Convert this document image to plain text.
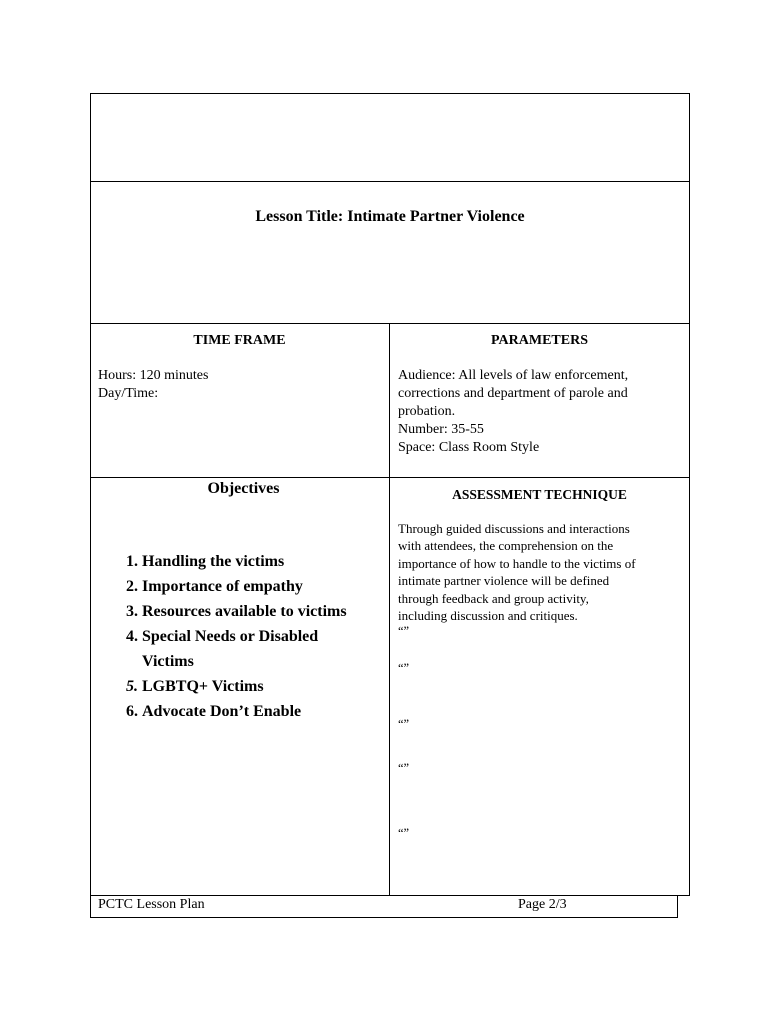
Lesson Title: Intimate Partner Violence
TIME FRAME
Hours: 120 minutes
Day/Time:
PARAMETERS
Audience: All levels of law enforcement,
corrections and department of parole and
probation.
Number: 35-55
Space: Class Room Style
Objectives
1. Handling the victims
2. Importance of empathy
3. Resources available to victims
4. Special Needs or Disabled
Victims
5. LGBTQ+ Victims
6. Advocate Don’t Enable
ASSESSMENT TECHNIQUE
Through guided discussions and interactions
with attendees, the comprehension on the
importance of how to handle to the victims of
intimate partner violence will be defined
through feedback and group activity,
including discussion and critiques.
“”
“”
“”
“”
“”
PCTC Lesson Plan	Page 2/3
